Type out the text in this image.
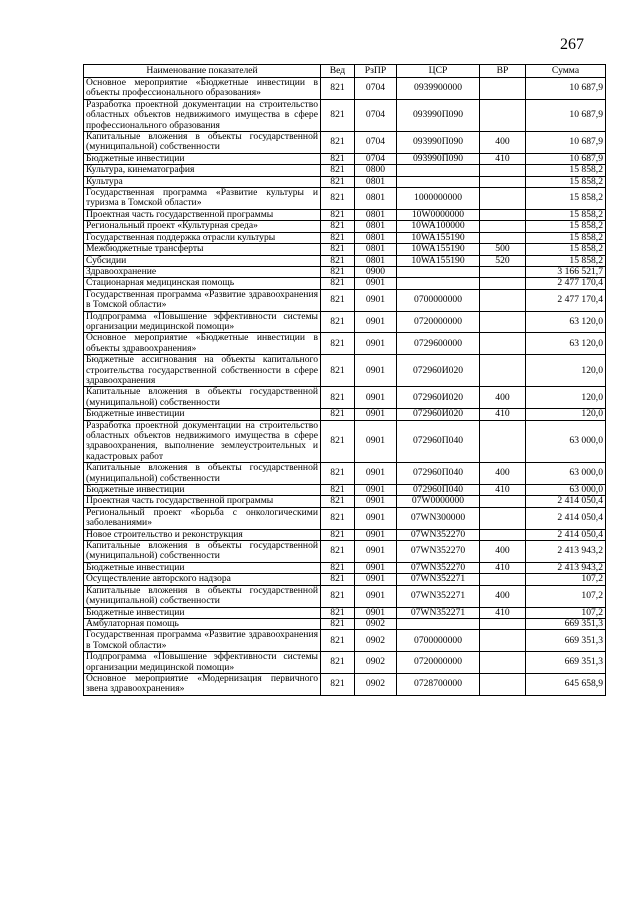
267
Наименование показателей	Вед	РзПР	ЦСР	ВР	Сумма
Основное мероприятие «Бюджетные инвестиции в объекты профессионального образования»	821	0704	0939900000		10 687,9
Разработка проектной документации на строительство областных объектов недвижимого имущества в сфере профессионального образования	821	0704	093990П090		10 687,9
Капитальные вложения в объекты государственной (муниципальной) собственности	821	0704	093990П090	400	10 687,9
Бюджетные инвестиции	821	0704	093990П090	410	10 687,9
Культура, кинематография	821	0800			15 858,2
Культура	821	0801			15 858,2
Государственная программа «Развитие культуры и туризма в Томской области»	821	0801	1000000000		15 858,2
Проектная часть государственной программы	821	0801	10W0000000		15 858,2
Региональный проект «Культурная среда»	821	0801	10WA100000		15 858,2
Государственная поддержка отрасли культуры	821	0801	10WA155190		15 858,2
Межбюджетные трансферты	821	0801	10WA155190	500	15 858,2
Субсидии	821	0801	10WA155190	520	15 858,2
Здравоохранение	821	0900			3 166 521,7
Стационарная медицинская помощь	821	0901			2 477 170,4
Государственная программа «Развитие здравоохранения в Томской области»	821	0901	0700000000		2 477 170,4
Подпрограмма «Повышение эффективности системы организации медицинской помощи»	821	0901	0720000000		63 120,0
Основное мероприятие «Бюджетные инвестиции в объекты здравоохранения»	821	0901	0729600000		63 120,0
Бюджетные ассигнования на объекты капитального строительства государственной собственности в сфере здравоохранения	821	0901	072960И020		120,0
Капитальные вложения в объекты государственной (муниципальной) собственности	821	0901	072960И020	400	120,0
Бюджетные инвестиции	821	0901	072960И020	410	120,0
Разработка проектной документации на строительство областных объектов недвижимого имущества в сфере здравоохранения, выполнение землеустроительных и кадастровых работ	821	0901	072960П040		63 000,0
Капитальные вложения в объекты государственной (муниципальной) собственности	821	0901	072960П040	400	63 000,0
Бюджетные инвестиции	821	0901	072960П040	410	63 000,0
Проектная часть государственной программы	821	0901	07W0000000		2 414 050,4
Региональный проект «Борьба с онкологическими заболеваниями»	821	0901	07WN300000		2 414 050,4
Новое строительство и реконструкция	821	0901	07WN352270		2 414 050,4
Капитальные вложения в объекты государственной (муниципальной) собственности	821	0901	07WN352270	400	2 413 943,2
Бюджетные инвестиции	821	0901	07WN352270	410	2 413 943,2
Осуществление авторского надзора	821	0901	07WN352271		107,2
Капитальные вложения в объекты государственной (муниципальной) собственности	821	0901	07WN352271	400	107,2
Бюджетные инвестиции	821	0901	07WN352271	410	107,2
Амбулаторная помощь	821	0902			669 351,3
Государственная программа «Развитие здравоохранения в Томской области»	821	0902	0700000000		669 351,3
Подпрограмма «Повышение эффективности системы организации медицинской помощи»	821	0902	0720000000		669 351,3
Основное мероприятие «Модернизация первичного звена здравоохранения»	821	0902	0728700000		645 658,9
